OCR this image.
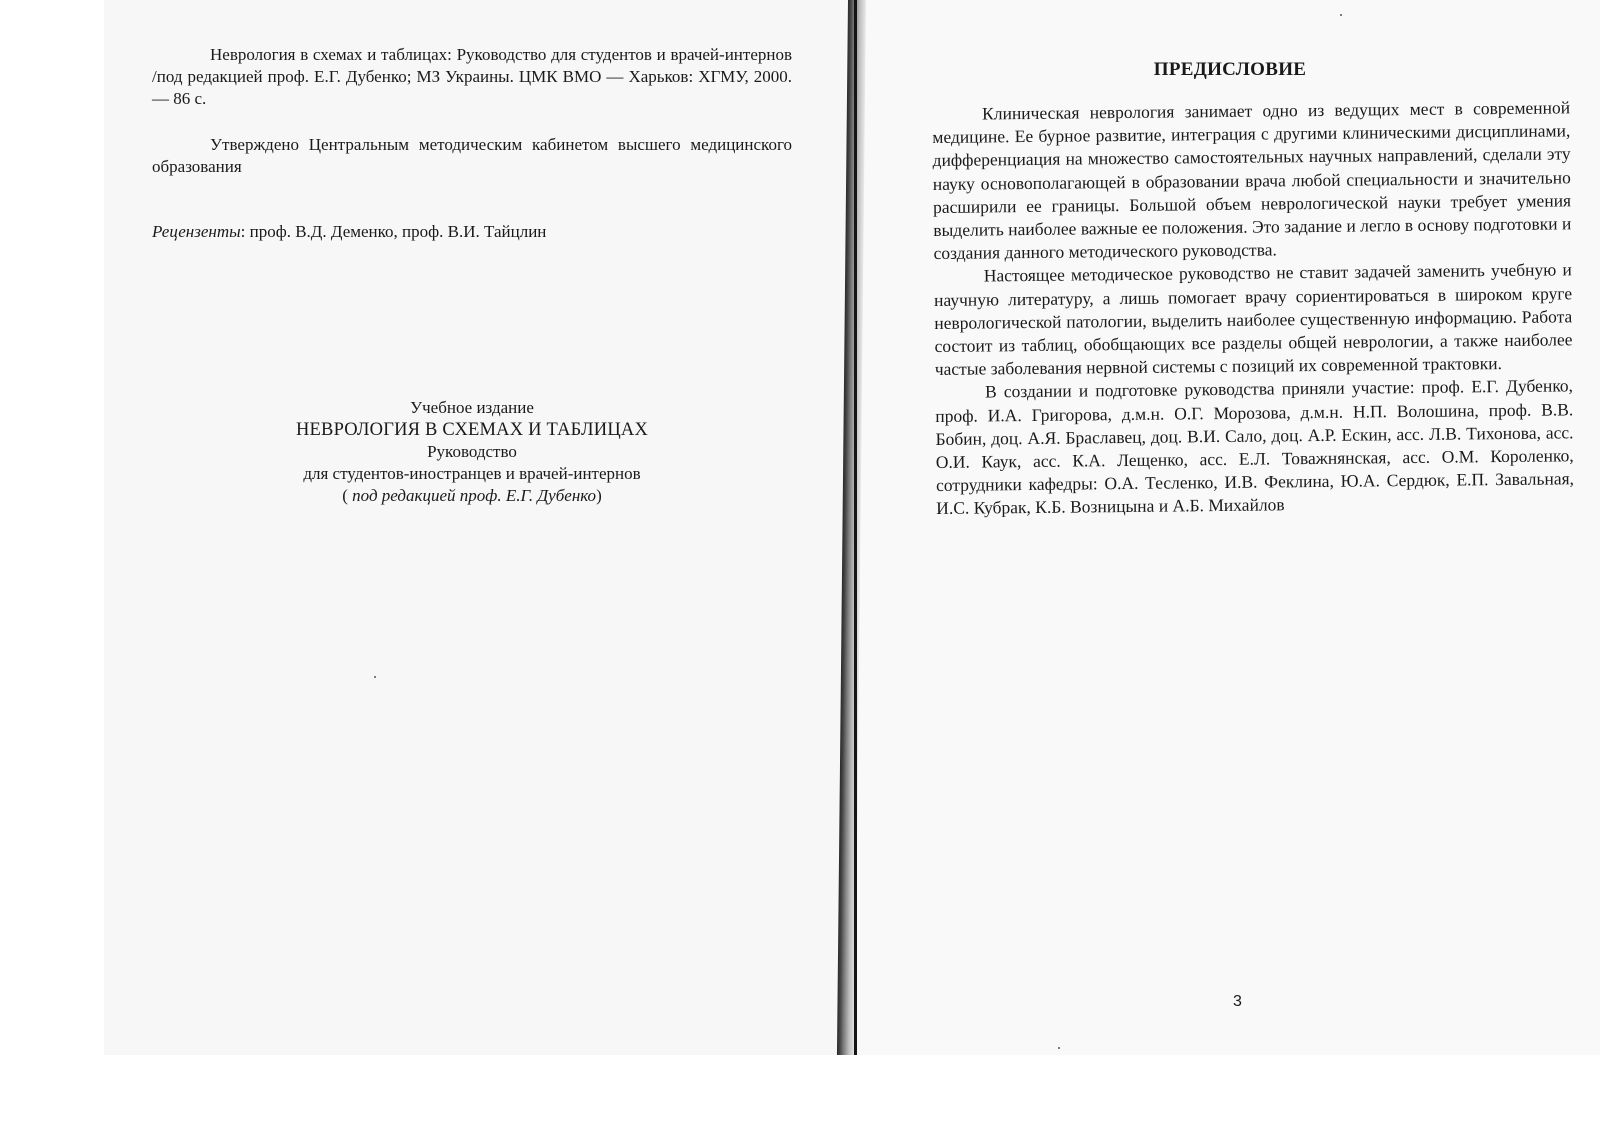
Неврология в схемах и таблицах: Руководство для студентов и врачей-интернов /под редакцией проф. Е.Г. Дубенко; МЗ Украины. ЦМК ВМО — Харьков: ХГМУ, 2000. — 86 с.
Утверждено Центральным методическим кабинетом высшего медицинского образования
Рецензенты: проф. В.Д. Деменко, проф. В.И. Тайцлин
Учебное издание
НЕВРОЛОГИЯ В СХЕМАХ И ТАБЛИЦАХ
Руководство
для студентов-иностранцев и врачей-интернов
( под редакцией проф. Е.Г. Дубенко)
ПРЕДИСЛОВИЕ

Клиническая неврология занимает одно из ведущих мест в современной медицине. Ее бурное развитие, интеграция с другими клиническими дисциплинами, дифференциация на множество самостоятельных научных направлений, сделали эту науку основополагающей в образовании врача любой специальности и значительно расширили ее границы. Большой объем неврологической науки требует умения выделить наиболее важные ее положения. Это задание и легло в основу подготовки и создания данного методического руководства.

Настоящее методическое руководство не ставит задачей заменить учебную и научную литературу, а лишь помогает врачу сориентироваться в широком круге неврологической патологии, выделить наиболее существенную информацию. Работа состоит из таблиц, обобщающих все разделы общей неврологии, а также наиболее частые заболевания нервной системы с позиций их современной трактовки.

В создании и подготовке руководства приняли участие: проф. Е.Г. Дубенко, проф. И.А. Григорова, д.м.н. О.Г. Морозова, д.м.н. Н.П. Волошина, проф. В.В. Бобин, доц. А.Я. Браславец, доц. В.И. Сало, доц. А.Р. Ескин, асс. Л.В. Тихонова, асс. О.И. Каук, асс. К.А. Лещенко, асс. Е.Л. Товажнянская, асс. О.М. Короленко, сотрудники кафедры: О.А. Тесленко, И.В. Феклина, Ю.А. Сердюк, Е.П. Завальная, И.С. Кубрак, К.Б. Возницына и А.Б. Михайлов

3
